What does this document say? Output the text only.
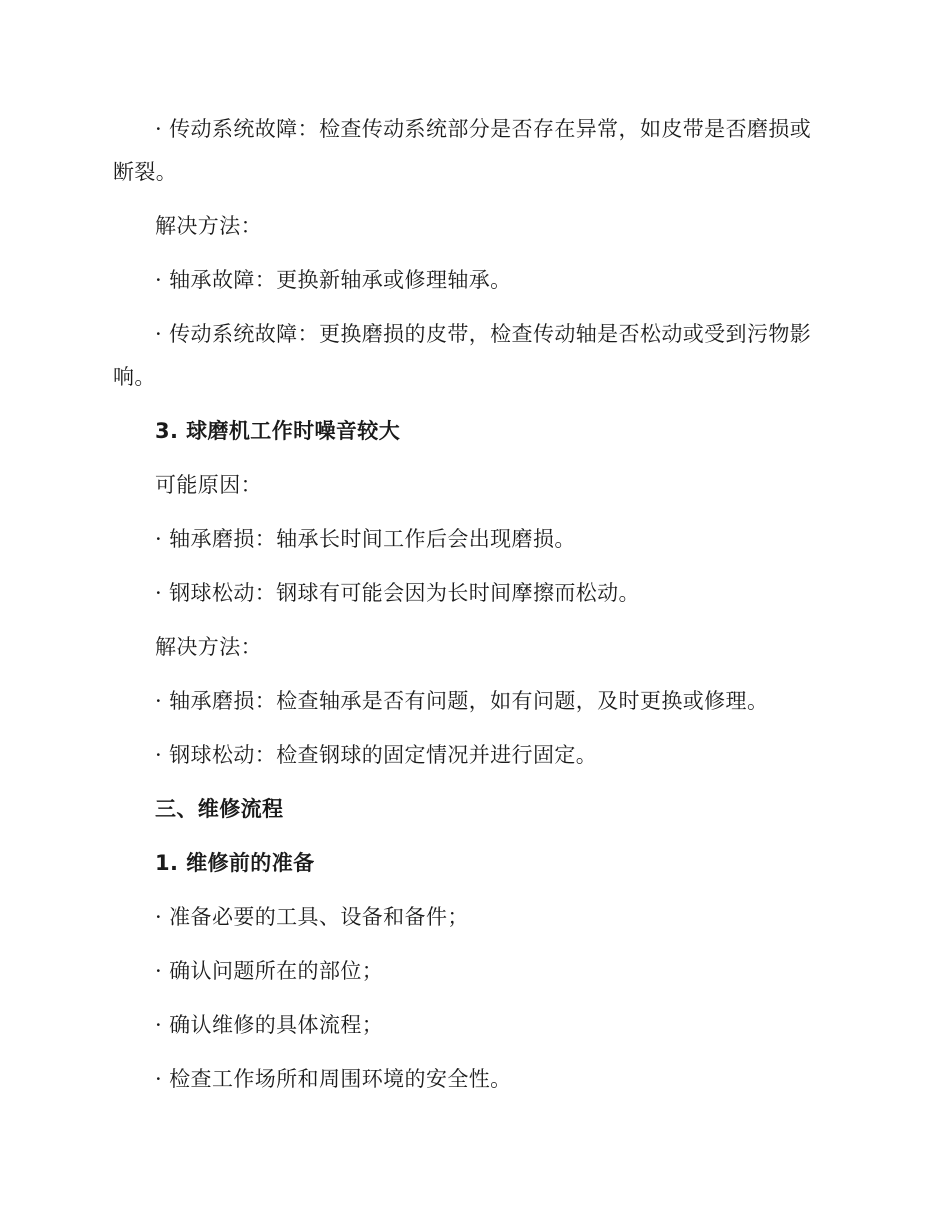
· 传动系统故障：检查传动系统部分是否存在异常，如皮带是否磨损或断裂。

解决方法：

· 轴承故障：更换新轴承或修理轴承。

· 传动系统故障：更换磨损的皮带，检查传动轴是否松动或受到污物影响。

3. 球磨机工作时噪音较大

可能原因：

· 轴承磨损：轴承长时间工作后会出现磨损。

· 钢球松动：钢球有可能会因为长时间摩擦而松动。

解决方法：

· 轴承磨损：检查轴承是否有问题，如有问题，及时更换或修理。

· 钢球松动：检查钢球的固定情况并进行固定。

三、维修流程

1. 维修前的准备

· 准备必要的工具、设备和备件；

· 确认问题所在的部位；

· 确认维修的具体流程；

· 检查工作场所和周围环境的安全性。
